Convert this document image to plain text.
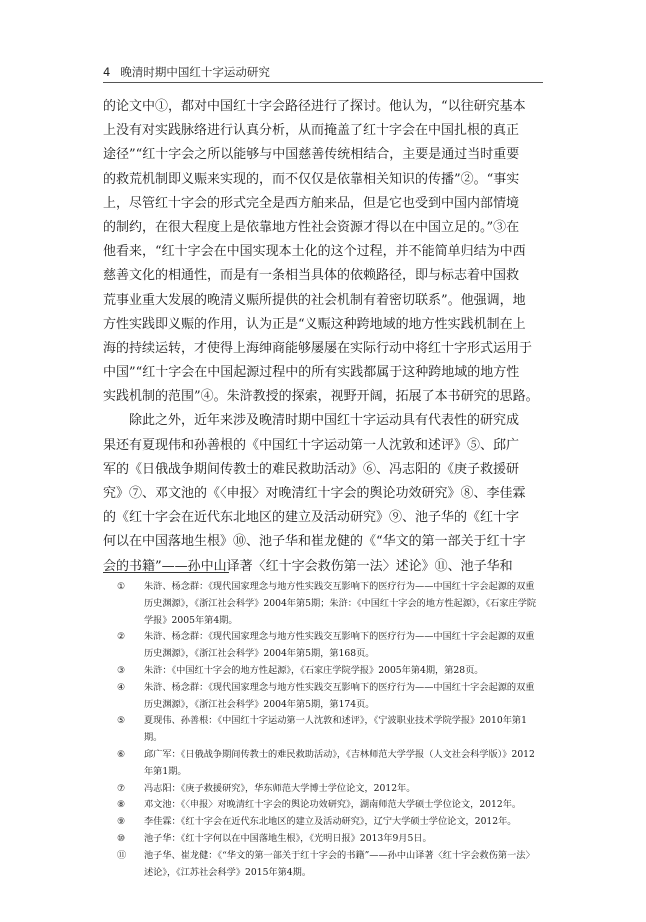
4 晚清时期中国红十字运动研究
的论文中①，都对中国红十字会路径进行了探讨。他认为，“以往研究基本
上没有对实践脉络进行认真分析，从而掩盖了红十字会在中国扎根的真正
途径”“红十字会之所以能够与中国慈善传统相结合，主要是通过当时重要
的救荒机制即义赈来实现的，而不仅仅是依靠相关知识的传播”②。“事实
上，尽管红十字会的形式完全是西方舶来品，但是它也受到中国内部情境
的制约，在很大程度上是依靠地方性社会资源才得以在中国立足的。”③在
他看来，“红十字会在中国实现本土化的这个过程，并不能简单归结为中西
慈善文化的相通性，而是有一条相当具体的依赖路径，即与标志着中国救
荒事业重大发展的晚清义赈所提供的社会机制有着密切联系”。他强调，地
方性实践即义赈的作用，认为正是“义赈这种跨地域的地方性实践机制在上
海的持续运转，才使得上海绅商能够屡屡在实际行动中将红十字形式运用于
中国”“红十字会在中国起源过程中的所有实践都属于这种跨地域的地方性
实践机制的范围”④。朱浒教授的探索，视野开阔，拓展了本书研究的思路。
除此之外，近年来涉及晚清时期中国红十字运动具有代表性的研究成
果还有夏现伟和孙善根的《中国红十字运动第一人沈敦和述评》⑤、邱广
军的《日俄战争期间传教士的难民救助活动》⑥、冯志阳的《庚子救援研
究》⑦、邓文池的《〈申报〉对晚清红十字会的舆论功效研究》⑧、李佳霖
的《红十字会在近代东北地区的建立及活动研究》⑨、池子华的《红十字
何以在中国落地生根》⑩、池子华和崔龙健的《“华文的第一部关于红十字
会的书籍”——孙中山译著〈红十字会救伤第一法〉述论》⑪、池子华和
①	朱浒、杨念群：《现代国家理念与地方性实践交互影响下的医疗行为——中国红十字会起源的双重历史渊源》，《浙江社会科学》2004年第5期；朱浒：《中国红十字会的地方性起源》，《石家庄学院学报》2005年第4期。
②	朱浒、杨念群：《现代国家理念与地方性实践交互影响下的医疗行为——中国红十字会起源的双重历史渊源》，《浙江社会科学》2004年第5期，第168页。
③	朱浒：《中国红十字会的地方性起源》，《石家庄学院学报》2005年第4期，第28页。
④	朱浒、杨念群：《现代国家理念与地方性实践交互影响下的医疗行为——中国红十字会起源的双重历史渊源》，《浙江社会科学》2004年第5期，第174页。
⑤	夏现伟、孙善根：《中国红十字运动第一人沈敦和述评》，《宁波职业技术学院学报》2010年第1期。
⑥	邱广军：《日俄战争期间传教士的难民救助活动》，《吉林师范大学学报（人文社会科学版）》2012年第1期。
⑦	冯志阳：《庚子救援研究》，华东师范大学博士学位论文，2012年。
⑧	邓文池：《〈申报〉对晚清红十字会的舆论功效研究》，湖南师范大学硕士学位论文，2012年。
⑨	李佳霖：《红十字会在近代东北地区的建立及活动研究》，辽宁大学硕士学位论文，2012年。
⑩	池子华：《红十字何以在中国落地生根》，《光明日报》2013年9月5日。
⑪	池子华、崔龙健：《“华文的第一部关于红十字会的书籍”——孙中山译著〈红十字会救伤第一法〉述论》，《江苏社会科学》2015年第4期。
